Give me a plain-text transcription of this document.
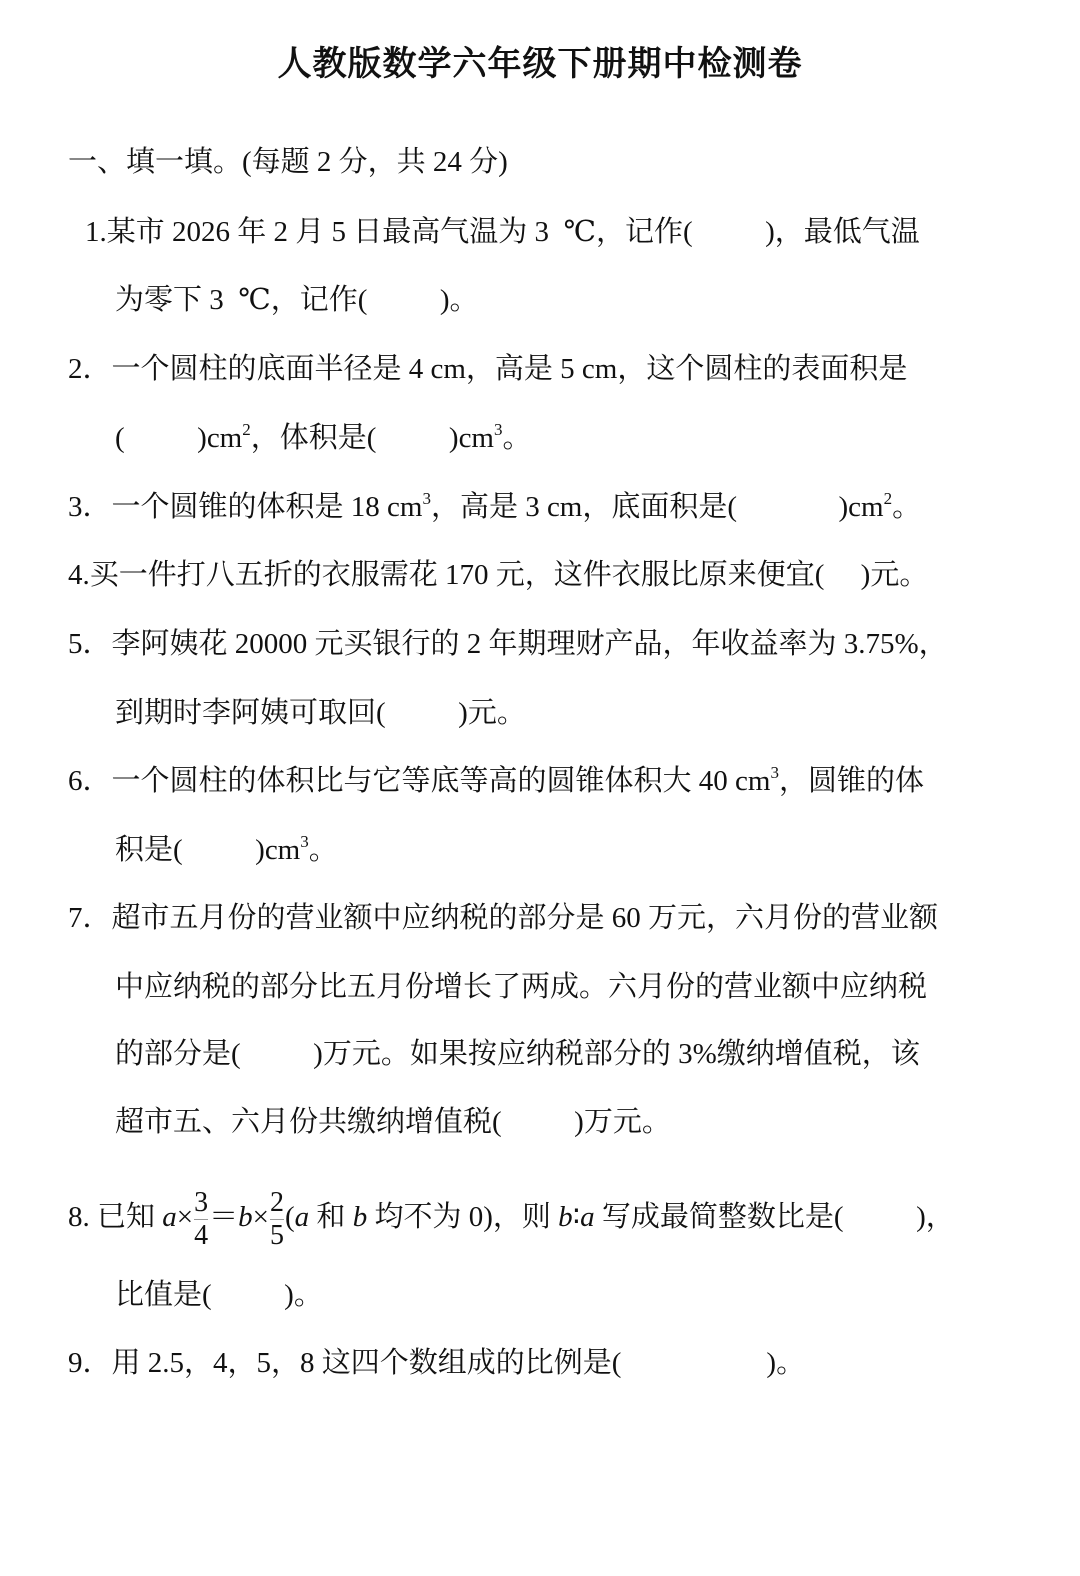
人教版数学六年级下册期中检测卷
一、填一填。(每题 2 分，共 24 分)
1.某市 2026 年 2 月 5 日最高气温为 3  ℃，记作(          )，最低气温
为零下 3  ℃，记作(          )。
2．一个圆柱的底面半径是 4 cm，高是 5 cm，这个圆柱的表面积是
(          )$cm^2$，体积是(          )$cm^3$。
3．一个圆锥的体积是 18 $cm^3$，高是 3 cm，底面积是(              )$cm^2$。
4.买一件打八五折的衣服需花 170 元，这件衣服比原来便宜(     )元。
5．李阿姨花 20000 元买银行的 2 年期理财产品，年收益率为 3.75%，
到期时李阿姨可取回(          )元。
6．一个圆柱的体积比与它等底等高的圆锥体积大 40 $cm^3$，圆锥的体
积是(          )$cm^3$。
7．超市五月份的营业额中应纳税的部分是 60 万元，六月份的营业额
中应纳税的部分比五月份增长了两成。六月份的营业额中应纳税
的部分是(          )万元。如果按应纳税部分的 3%缴纳增值税，该
超市五、六月份共缴纳增值税(          )万元。
8. 已知 $a\times \frac{3}{4} =b\times \frac{2}{5} (a$ 和 b 均不为 0)，则 b∶a 写成最简整数比是(          )，
比值是(          )。
9．用 2.5，4，5，8 这四个数组成的比例是(                    )。
